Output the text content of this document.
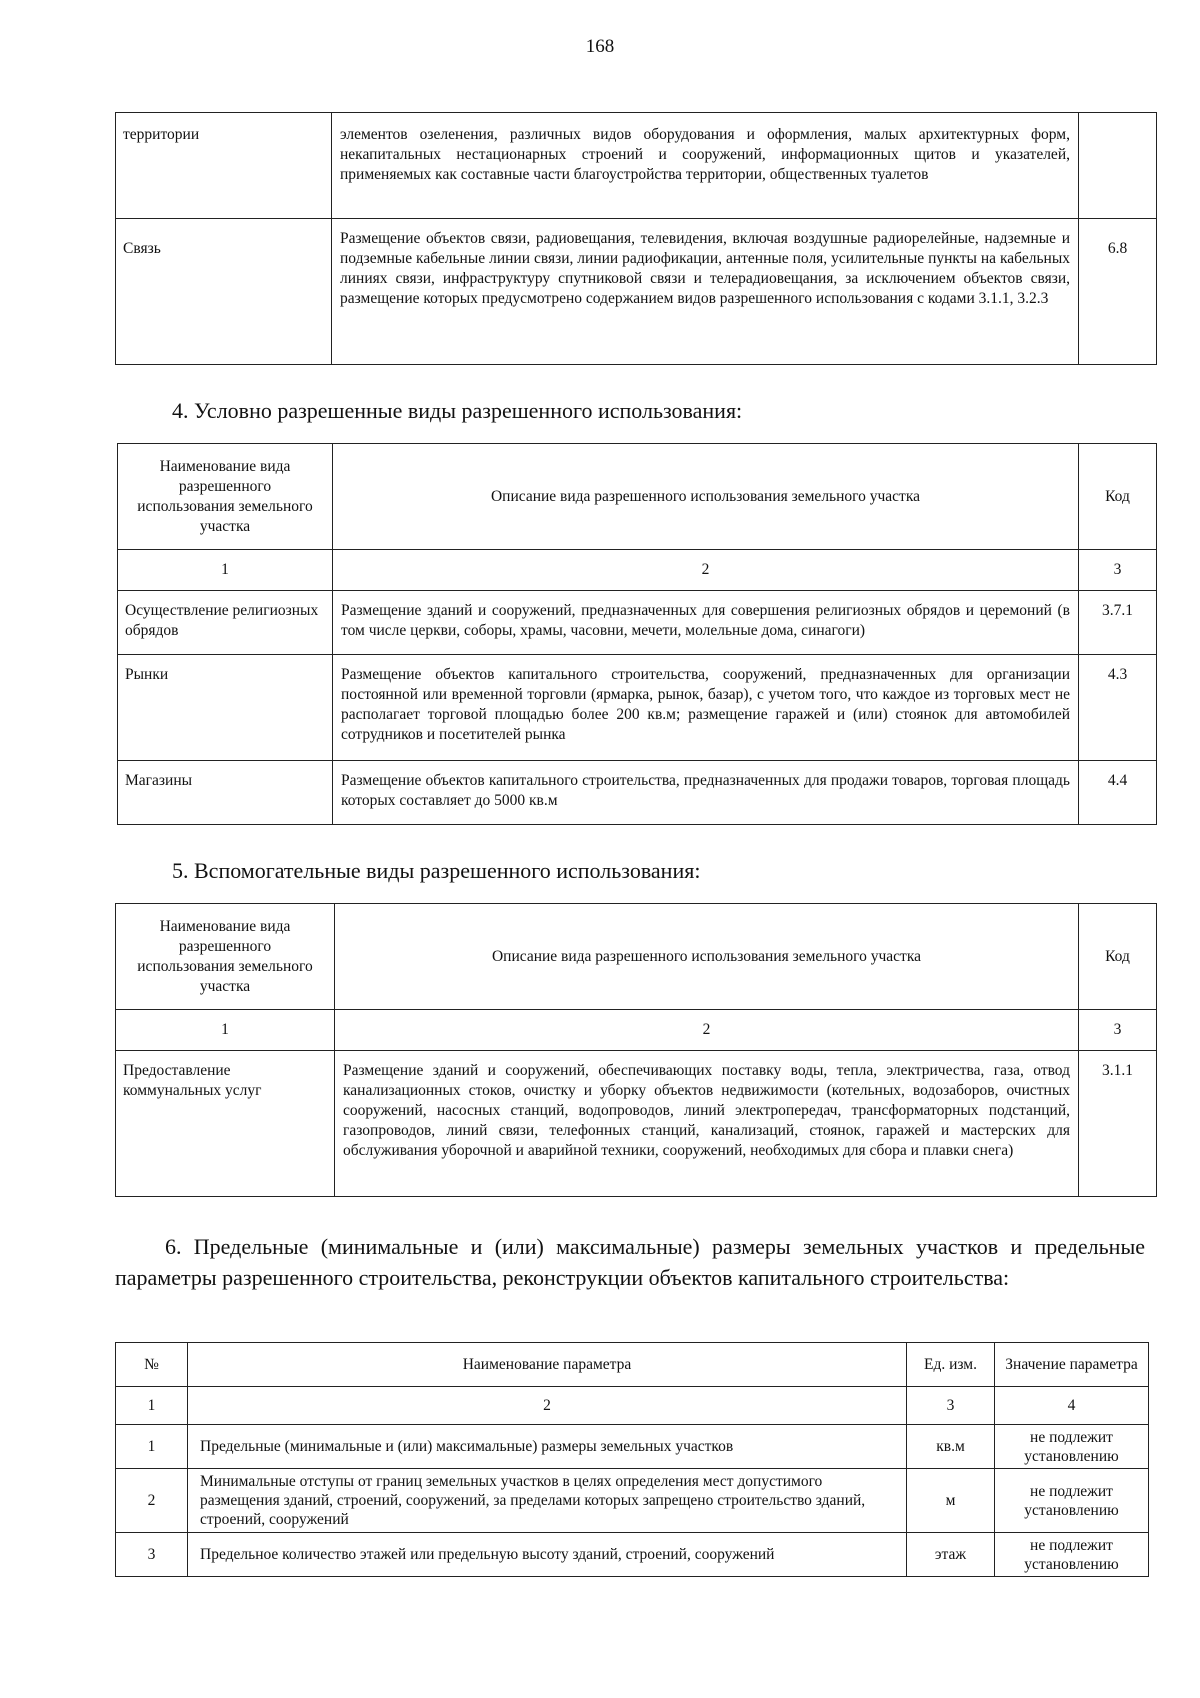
168
территории	элементов озеленения, различных видов оборудования и оформления, малых архитектурных форм, некапитальных нестационарных строений и сооружений, информационных щитов и указателей, применяемых как составные части благоустройства территории, общественных туалетов	
Связь	Размещение объектов связи, радиовещания, телевидения, включая воздушные радиорелейные, надземные и подземные кабельные линии связи, линии радиофикации, антенные поля, усилительные пункты на кабельных линиях связи, инфраструктуру спутниковой связи и телерадиовещания, за исключением объектов связи, размещение которых предусмотрено содержанием видов разрешенного использования с кодами 3.1.1, 3.2.3	6.8
4. Условно разрешенные виды разрешенного использования:
Наименование вида разрешенного использования земельного участка	Описание вида разрешенного использования земельного участка	Код
1	2	3
Осуществление религиозных обрядов	Размещение зданий и сооружений, предназначенных для совершения религиозных обрядов и церемоний (в том числе церкви, соборы, храмы, часовни, мечети, молельные дома, синагоги)	3.7.1
Рынки	Размещение объектов капитального строительства, сооружений, предназначенных для организации постоянной или временной торговли (ярмарка, рынок, базар), с учетом того, что каждое из торговых мест не располагает торговой площадью более 200 кв.м; размещение гаражей и (или) стоянок для автомобилей сотрудников и посетителей рынка	4.3
Магазины	Размещение объектов капитального строительства, предназначенных для продажи товаров, торговая площадь которых составляет до 5000 кв.м	4.4
5. Вспомогательные виды разрешенного использования:
Наименование вида разрешенного использования земельного участка	Описание вида разрешенного использования земельного участка	Код
1	2	3
Предоставление коммунальных услуг	Размещение зданий и сооружений, обеспечивающих поставку воды, тепла, электричества, газа, отвод канализационных стоков, очистку и уборку объектов недвижимости (котельных, водозаборов, очистных сооружений, насосных станций, водопроводов, линий электропередач, трансформаторных подстанций, газопроводов, линий связи, телефонных станций, канализаций, стоянок, гаражей и мастерских для обслуживания уборочной и аварийной техники, сооружений, необходимых для сбора и плавки снега)	3.1.1
6. Предельные (минимальные и (или) максимальные) размеры земельных участков и предельные параметры разрешенного строительства, реконструкции объектов капитального строительства:
№	Наименование параметра	Ед. изм.	Значение параметра
1	2	3	4
1	Предельные (минимальные и (или) максимальные) размеры земельных участков	кв.м	не подлежит установлению
2	Минимальные отступы от границ земельных участков в целях определения мест допустимого размещения зданий, строений, сооружений, за пределами которых запрещено строительство зданий, строений, сооружений	м	не подлежит установлению
3	Предельное количество этажей или предельную высоту зданий, строений, сооружений	этаж	не подлежит установлению
